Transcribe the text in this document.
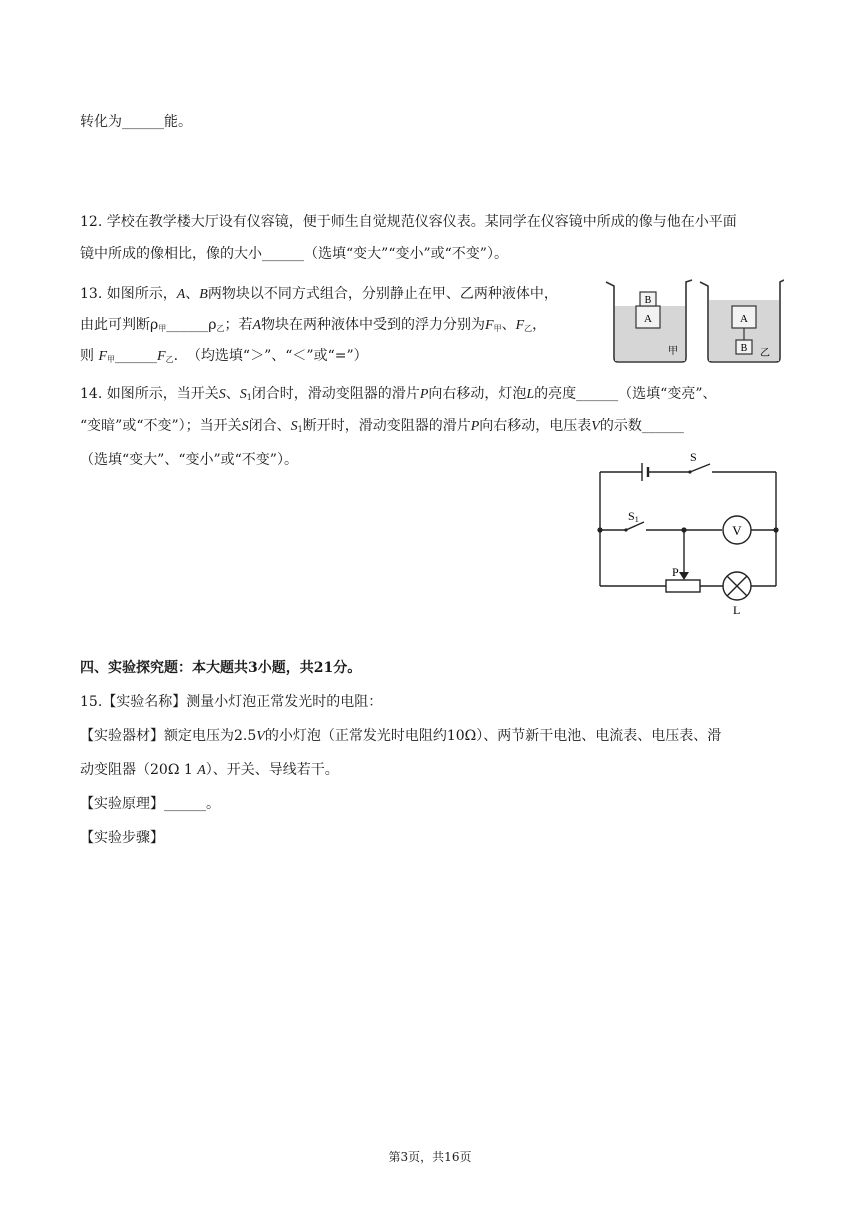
转化为______能。
12. 学校在教学楼大厅设有仪容镜，便于师生自觉规范仪容仪表。某同学在仪容镜中所成的像与他在小平面
镜中所成的像相比，像的大小______（选填“变大”“变小”或“不变”）。
13. 如图所示，A、B两物块以不同方式组合，分别静止在甲、乙两种液体中，
由此可判断$\rho_甲\_\_\_\_\_\_\rho_乙$；若A物块在两种液体中受到的浮力分别为$F_甲$、$F_乙$，
则 $F_甲\_\_\_\_\_\_F_乙$. （均选填“＞”、“＜”或“=”）
A
B
甲
A
B 乙
14. 如图所示，当开关S、$S_1$闭合时，滑动变阻器的滑片P向右移动，灯泡L的亮度______（选填“变亮”、
“变暗”或“不变”）；当开关S闭合、$S_1$断开时，滑动变阻器的滑片P向右移动，电压表V的示数______
（选填“变大”、“变小”或“不变”）。	S
S1
V
P
L
四、实验探究题：本大题共3小题，共21分。
15.【实验名称】测量小灯泡正常发光时的电阻：
【实验器材】额定电压为2.5V的小灯泡（正常发光时电阻约10Ω）、两节新干电池、电流表、电压表、滑
动变阻器（20Ω 1 A）、开关、导线若干。
【实验原理】______。
【实验步骤】
第3页，共16页
